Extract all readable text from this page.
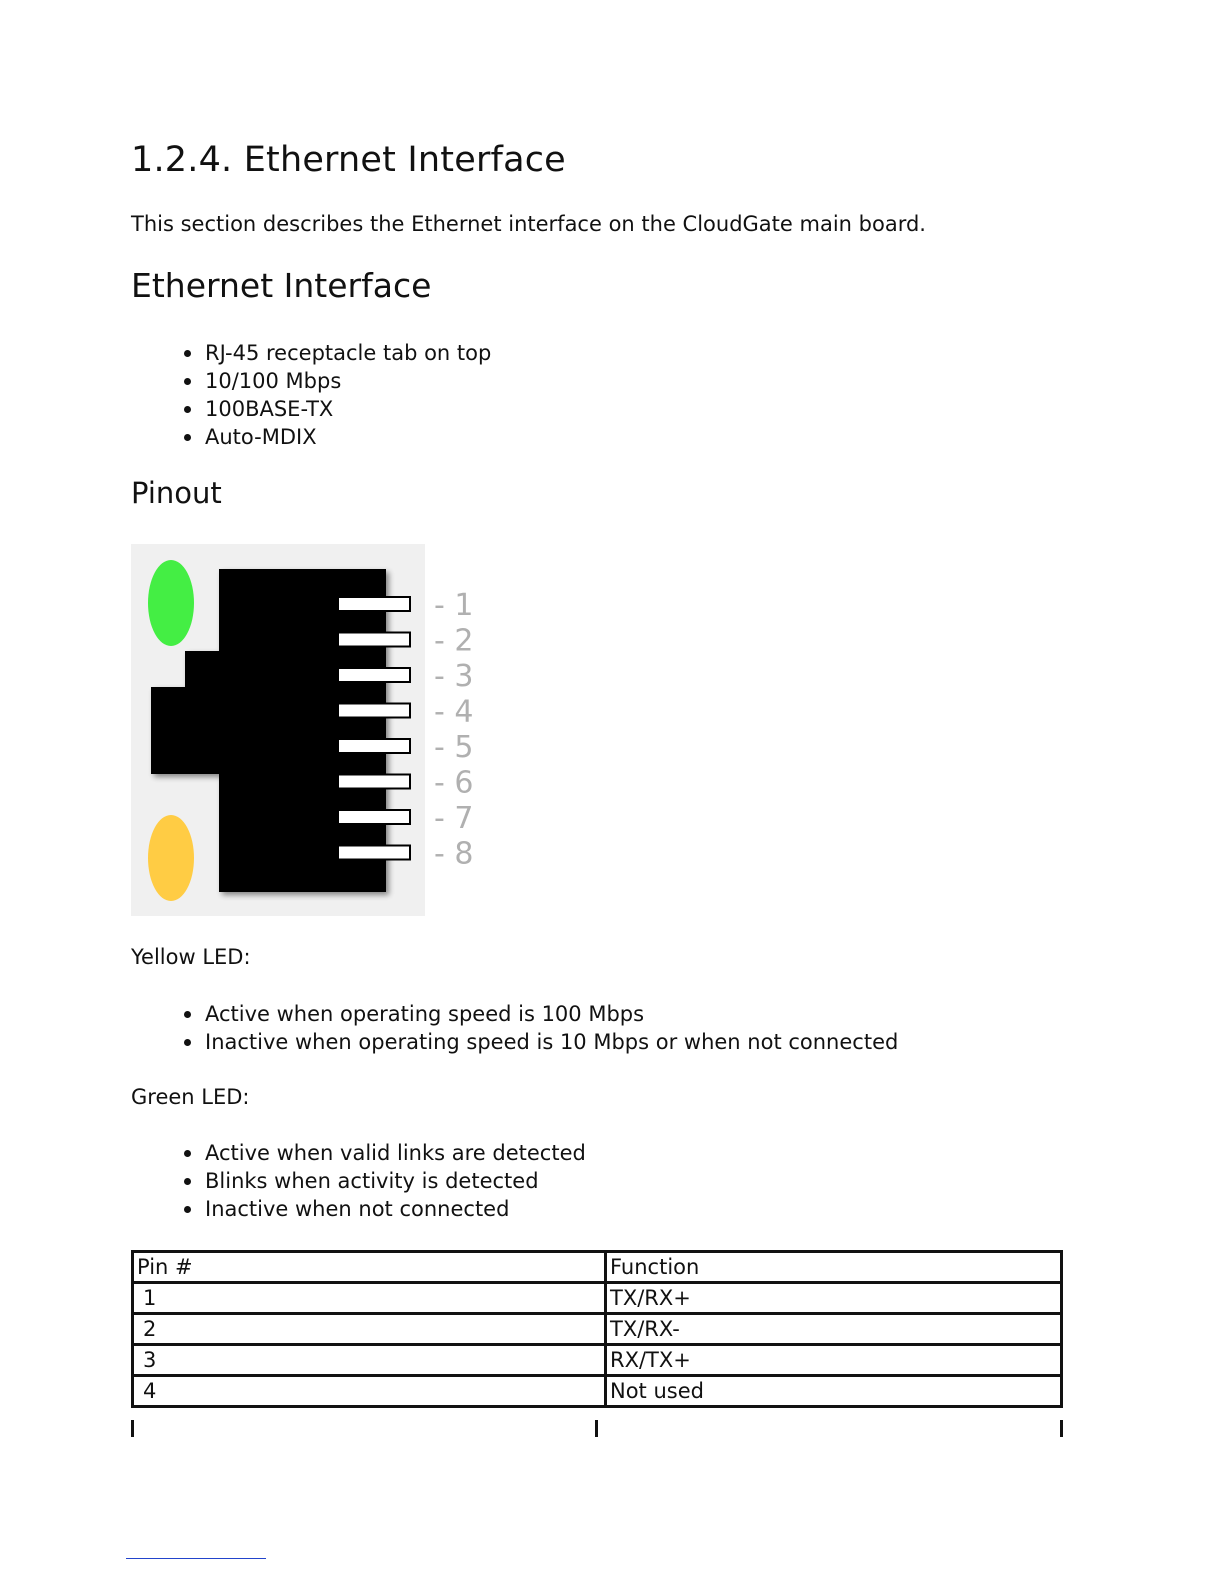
1.2.4. Ethernet Interface

This section describes the Ethernet interface on the CloudGate main board.

Ethernet Interface
RJ-45 receptacle tab on top
10/100 Mbps
100BASE-TX
Auto-MDIX
Pinout
- 1
- 2
- 3
- 4
- 5
- 6
- 7
- 8

Yellow LED:

Active when operating speed is 100 Mbps
Inactive when operating speed is 10 Mbps or when not connected

Green LED:

Active when valid links are detected
Blinks when activity is detected
Inactive when not connected
Pin #	Function
1	TX/RX+
2	TX/RX-
3	RX/TX+
4	Not used
